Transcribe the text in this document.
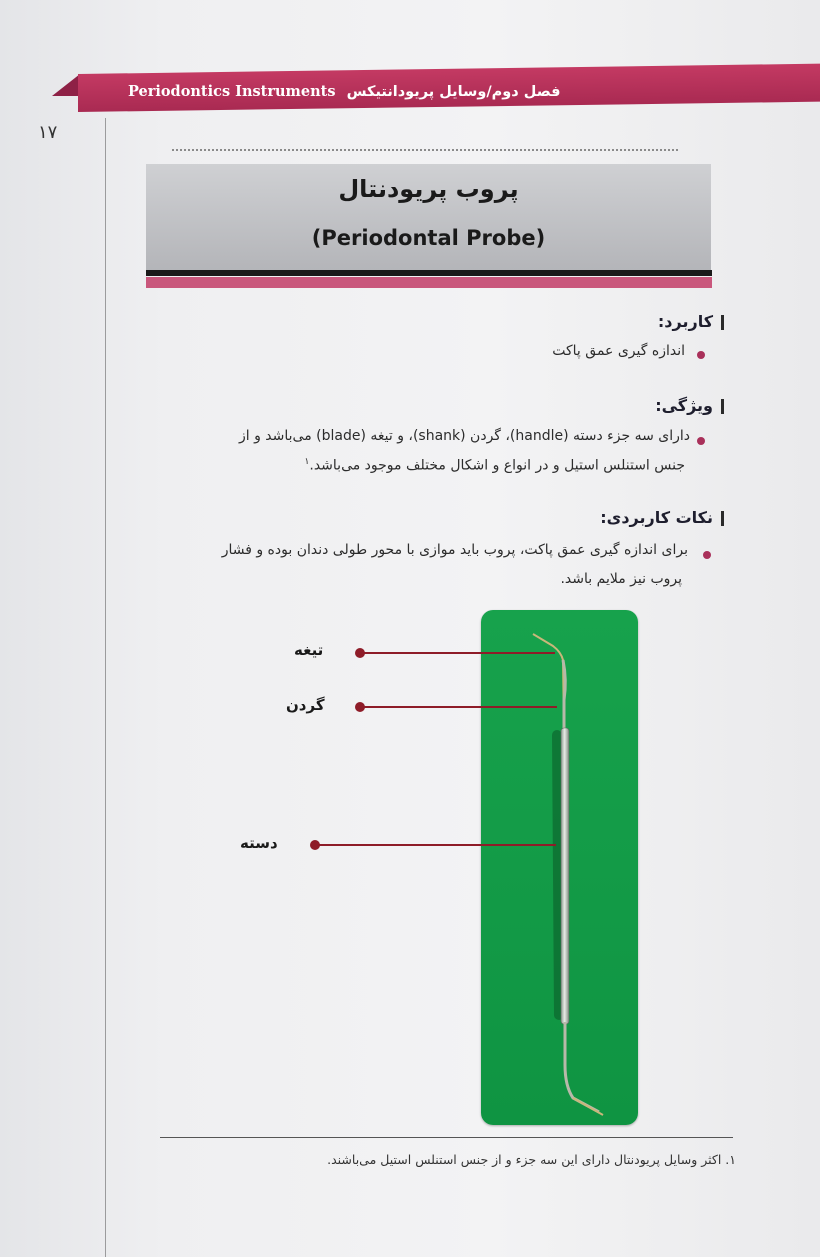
Periodontics Instruments فصل دوم/وسایل پریودانتیکس
۱۷
پروب پریودنتال
(Periodontal Probe)
کاربرد:
اندازه گیری عمق پاکت
ویژگی:
دارای سه جزء دسته (handle)، گردن (shank)، و تیغه (blade) می‌باشد و از
جنس استنلس استیل و در انواع و اشکال مختلف موجود می‌باشد.$^۱$
نکات کاربردی:
برای اندازه گیری عمق پاکت، پروب باید موازی با محور طولی دندان بوده و فشار
پروب نیز ملایم باشد.
تیغه
گردن
دسته
۱. اکثر وسایل پریودنتال دارای این سه جزء و از جنس استنلس استیل می‌باشند.
